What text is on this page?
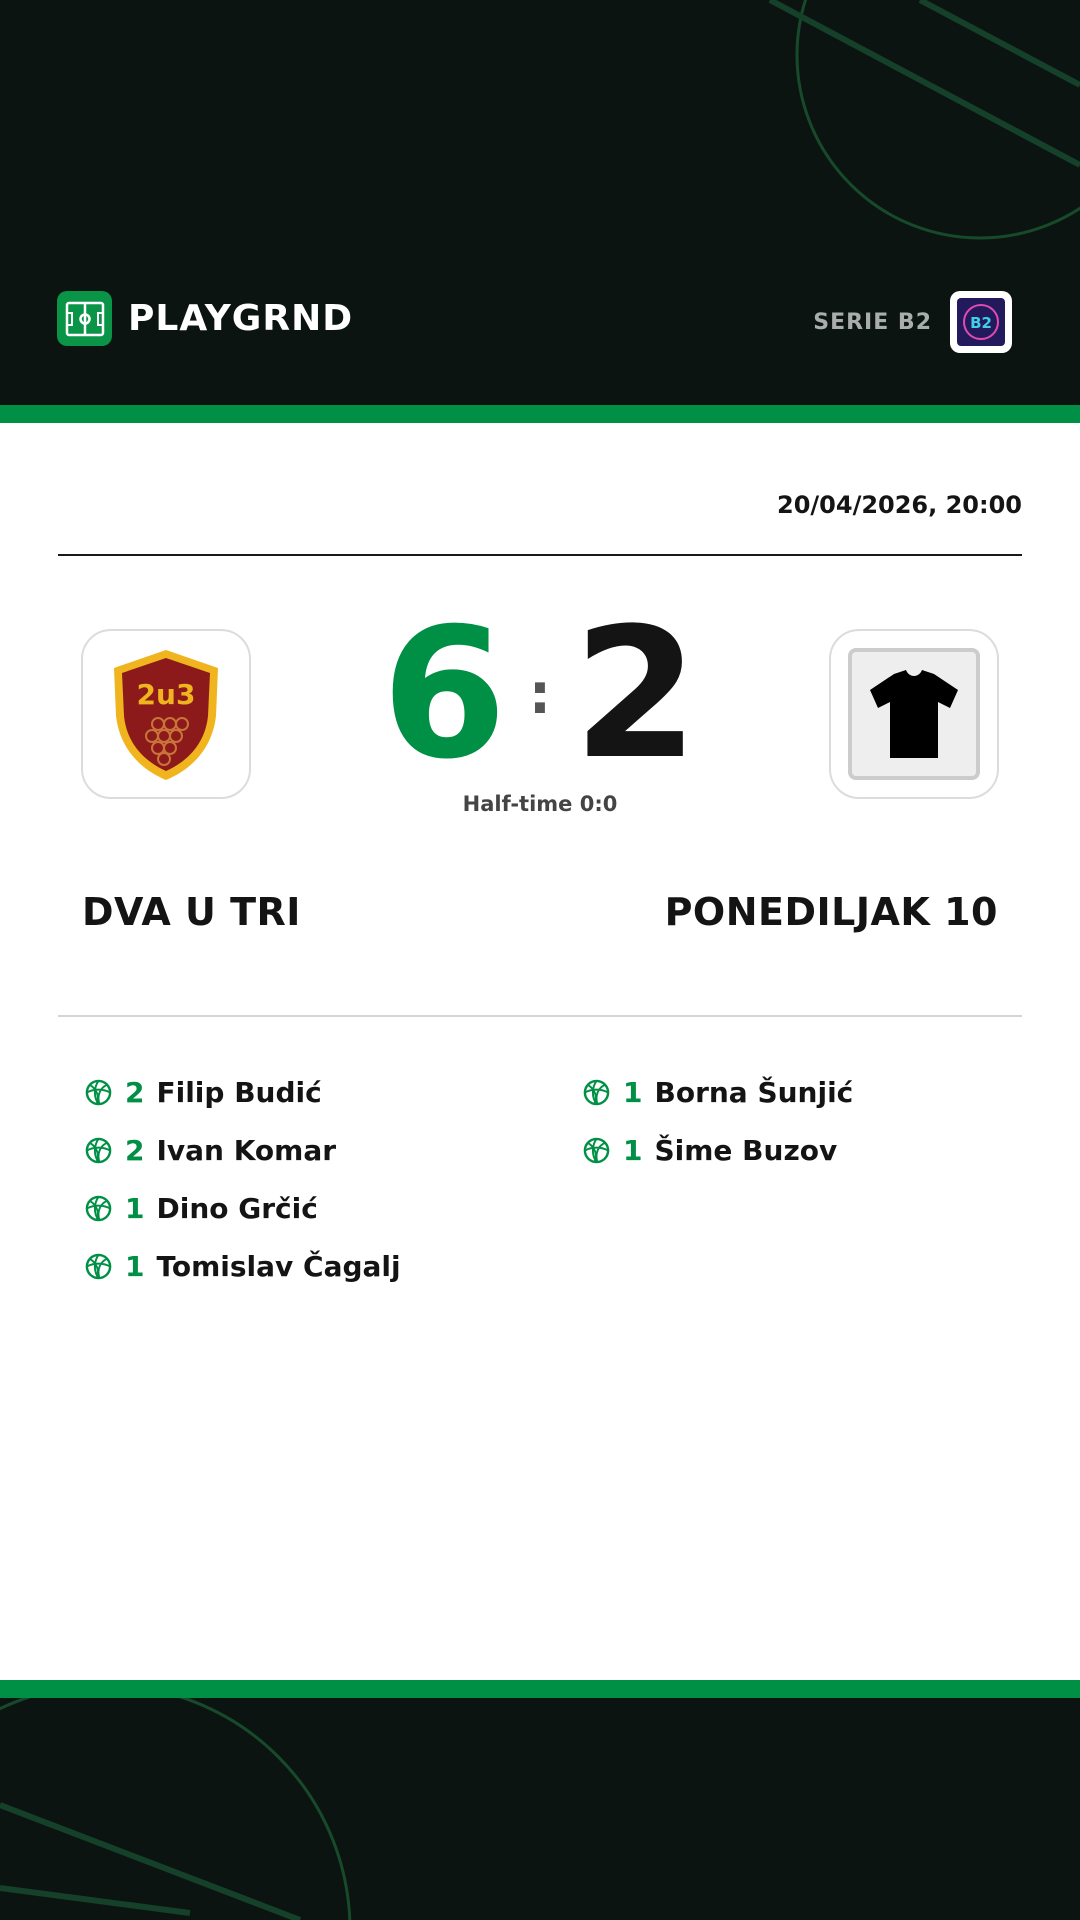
PLAYGRND	SERIE B2	B2
20/04/2026, 20:00
2u3	6 : 2
Half-time 0:0
DVA U TRI	PONEDILJAK 10
2 Filip Budić
2 Ivan Komar
1 Dino Grčić
1 Tomislav Čagalj
1 Borna Šunjić
1 Šime Buzov
